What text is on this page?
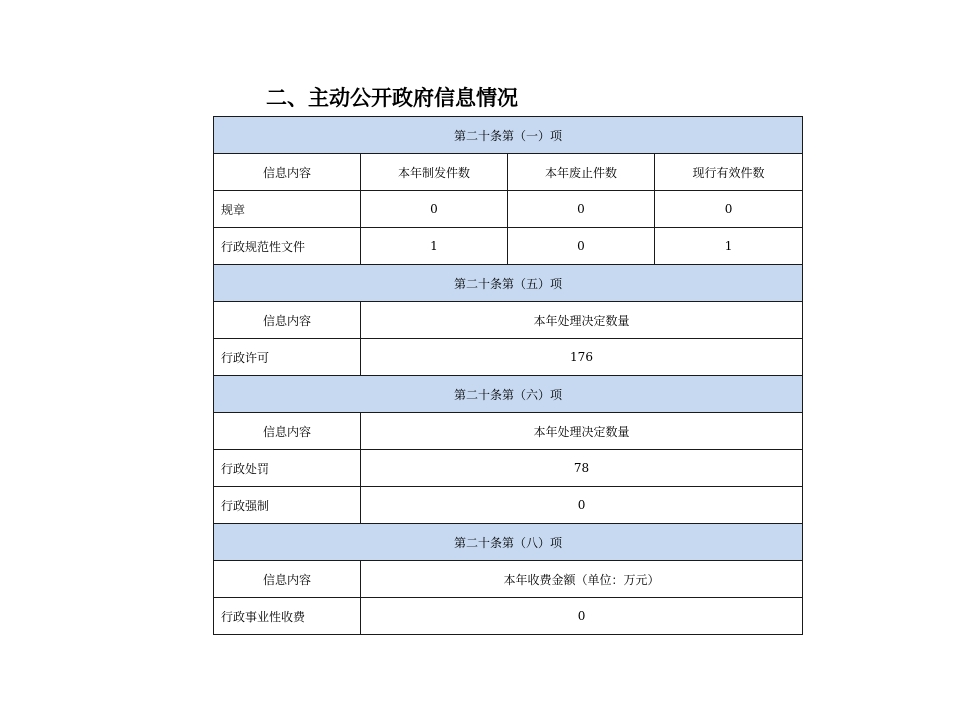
二、主动公开政府信息情况
第二十条第（一）项			
信息内容	本年制发件数	本年废止件数	现行有效件数
规章	0	0	0
行政规范性文件	1	0	1
第二十条第（五）项			
信息内容	本年处理决定数量		
行政许可	176		
第二十条第（六）项			
信息内容	本年处理决定数量		
行政处罚	78		
行政强制	0		
第二十条第（八）项			
信息内容	本年收费金额（单位：万元）		
行政事业性收费	0		
